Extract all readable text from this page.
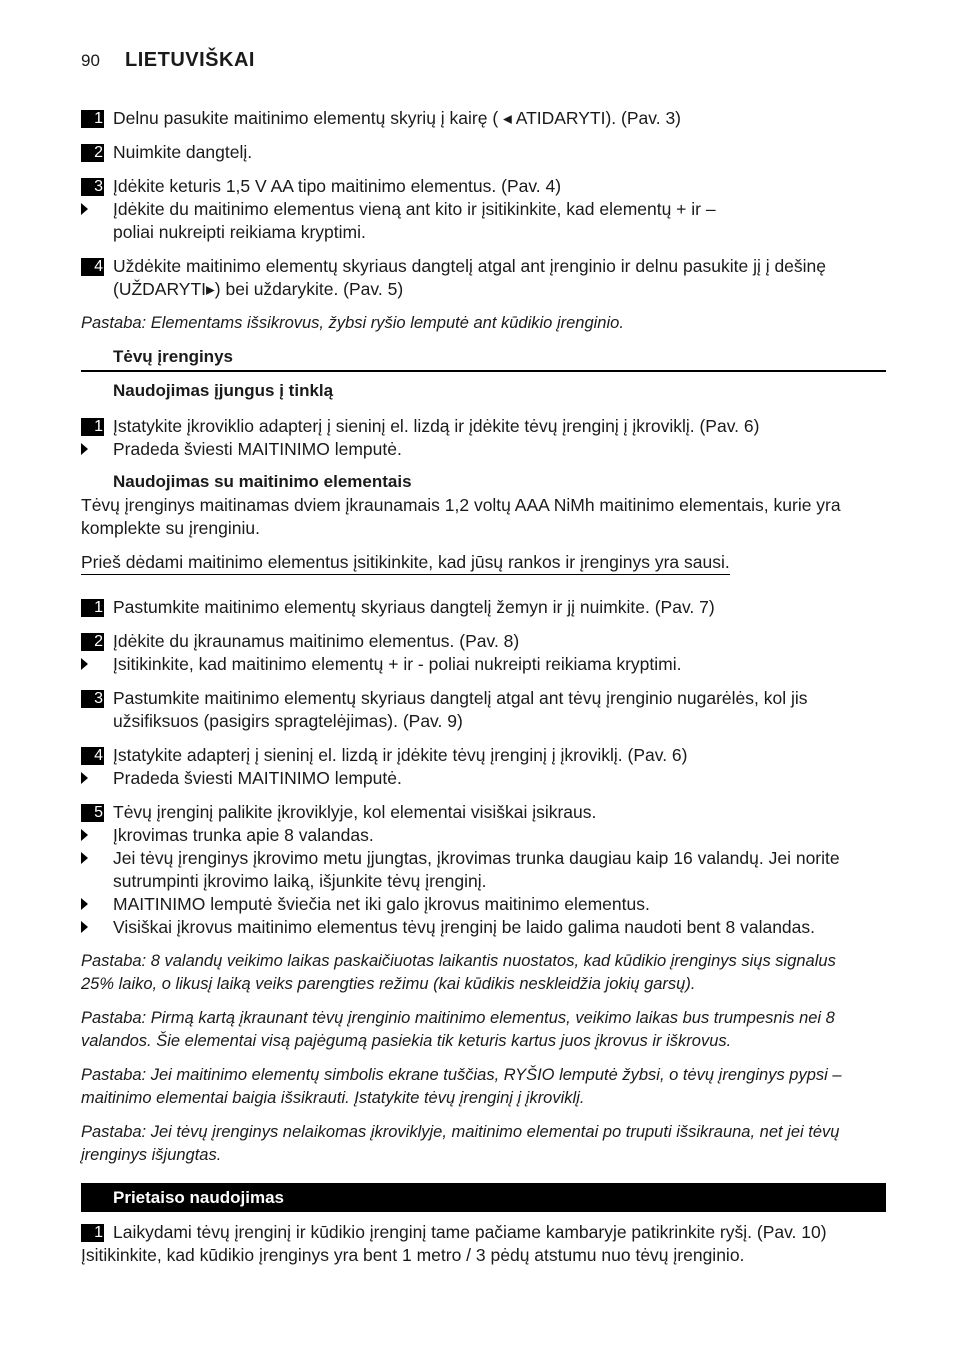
90 LIETUVIŠKAI
1 Delnu pasukite maitinimo elementų skyrių į kairę ( ◂ ATIDARYTI). (Pav. 3)
2 Nuimkite dangtelį.
3 Įdėkite keturis 1,5 V AA tipo maitinimo elementus. (Pav. 4)
Įdėkite du maitinimo elementus vieną ant kito ir įsitikinkite, kad elementų + ir –
poliai nukreipti reikiama kryptimi.
4 Uždėkite maitinimo elementų skyriaus dangtelį atgal ant įrenginio ir delnu pasukite jį į dešinę
(UŽDARYTI▸) bei uždarykite. (Pav. 5)
Pastaba: Elementams išsikrovus, žybsi ryšio lemputė ant kūdikio įrenginio.
Tėvų įrenginys
Naudojimas įjungus į tinklą
1 Įstatykite įkroviklio adapterį į sieninį el. lizdą ir įdėkite tėvų įrenginį į įkroviklį. (Pav. 6)
Pradeda šviesti MAITINIMO lemputė.
Naudojimas su maitinimo elementais
Tėvų įrenginys maitinamas dviem įkraunamais 1,2 voltų AAA NiMh maitinimo elementais, kurie yra
komplekte su įrenginiu.
Prieš dėdami maitinimo elementus įsitikinkite, kad jūsų rankos ir įrenginys yra sausi.
1 Pastumkite maitinimo elementų skyriaus dangtelį žemyn ir jį nuimkite. (Pav. 7)
2 Įdėkite du įkraunamus maitinimo elementus. (Pav. 8)
Įsitikinkite, kad maitinimo elementų + ir - poliai nukreipti reikiama kryptimi.
3 Pastumkite maitinimo elementų skyriaus dangtelį atgal ant tėvų įrenginio nugarėlės, kol jis
užsifiksuos (pasigirs spragtelėjimas). (Pav. 9)
4 Įstatykite adapterį į sieninį el. lizdą ir įdėkite tėvų įrenginį į įkroviklį. (Pav. 6)
Pradeda šviesti MAITINIMO lemputė.
5 Tėvų įrenginį palikite įkroviklyje, kol elementai visiškai įsikraus.
Įkrovimas trunka apie 8 valandas.
Jei tėvų įrenginys įkrovimo metu įjungtas, įkrovimas trunka daugiau kaip 16 valandų. Jei norite
sutrumpinti įkrovimo laiką, išjunkite tėvų įrenginį.
MAITINIMO lemputė šviečia net iki galo įkrovus maitinimo elementus.
Visiškai įkrovus maitinimo elementus tėvų įrenginį be laido galima naudoti bent 8 valandas.
Pastaba: 8 valandų veikimo laikas paskaičiuotas laikantis nuostatos, kad kūdikio įrenginys siųs signalus
25% laiko, o likusį laiką veiks parengties režimu (kai kūdikis neskleidžia jokių garsų).
Pastaba: Pirmą kartą įkraunant tėvų įrenginio maitinimo elementus, veikimo laikas bus trumpesnis nei 8
valandos. Šie elementai visą pajėgumą pasiekia tik keturis kartus juos įkrovus ir iškrovus.
Pastaba: Jei maitinimo elementų simbolis ekrane tuščias, RYŠIO lemputė žybsi, o tėvų įrenginys pypsi –
maitinimo elementai baigia išsikrauti. Įstatykite tėvų įrenginį į įkroviklį.
Pastaba: Jei tėvų įrenginys nelaikomas įkroviklyje, maitinimo elementai po truputi išsikrauna, net jei tėvų
įrenginys išjungtas.
Prietaiso naudojimas
1 Laikydami tėvų įrenginį ir kūdikio įrenginį tame pačiame kambaryje patikrinkite ryšį. (Pav. 10)
Įsitikinkite, kad kūdikio įrenginys yra bent 1 metro / 3 pėdų atstumu nuo tėvų įrenginio.
